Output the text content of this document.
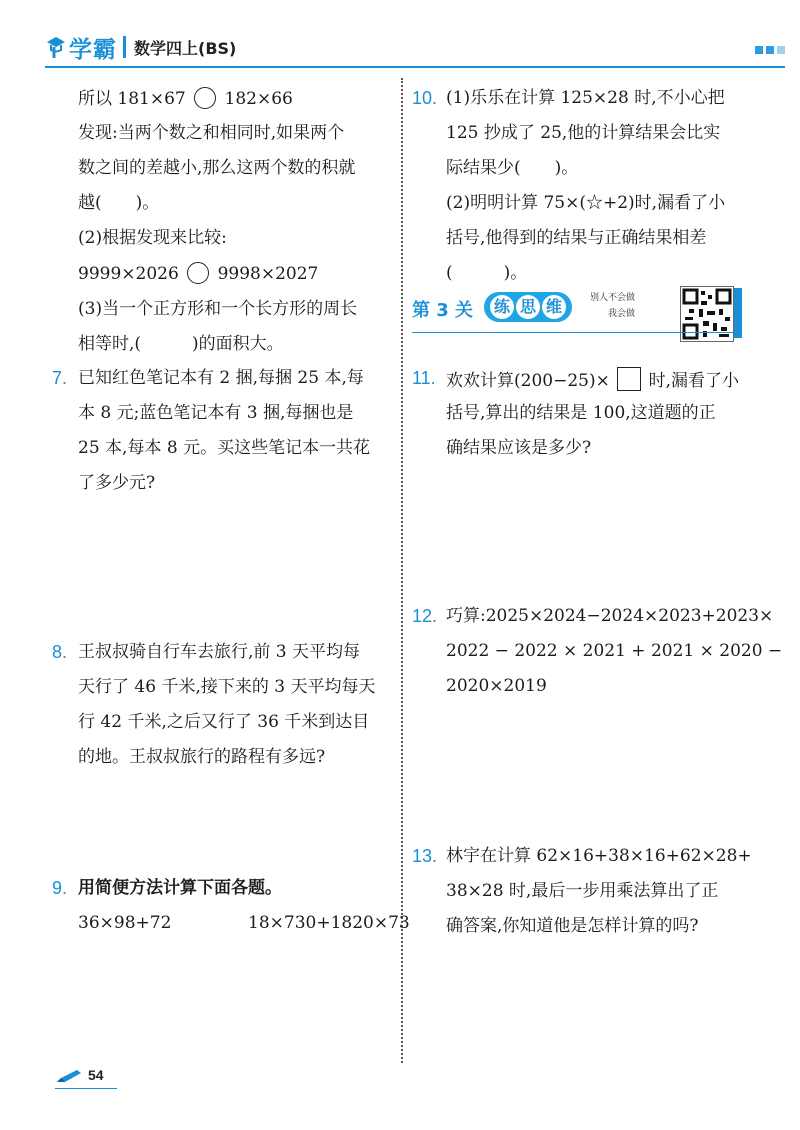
学霸 数学四上(BS)
所以 181×67 182×66
发现:当两个数之和相同时,如果两个
数之间的差越小,那么这两个数的积就
越(　　)。
(2)根据发现来比较:
9999×2026 9998×2027
(3)当一个正方形和一个长方形的周长
相等时,(　　　)的面积大。
7. 已知红色笔记本有 2 捆,每捆 25 本,每
本 8 元;蓝色笔记本有 3 捆,每捆也是
25 本,每本 8 元。买这些笔记本一共花
了多少元?
8. 王叔叔骑自行车去旅行,前 3 天平均每
天行了 46 千米,接下来的 3 天平均每天
行 42 千米,之后又行了 36 千米到达目
的地。王叔叔旅行的路程有多远?
9. 用简便方法计算下面各题。
36×98+72	18×730+1820×73
10. (1)乐乐在计算 125×28 时,不小心把
125 抄成了 25,他的计算结果会比实
际结果少(　　)。
(2)明明计算 75×(☆+2)时,漏看了小
括号,他得到的结果与正确结果相差
(　　　)。
第 3 关 练 思 维	别人不会做
我会做
11. 欢欢计算(200−25)× 时,漏看了小
括号,算出的结果是 100,这道题的正
确结果应该是多少?
12. 巧算:2025×2024−2024×2023+2023×
2022 − 2022 × 2021 + 2021 × 2020 −
2020×2019
13. 林宇在计算 62×16+38×16+62×28+
38×28 时,最后一步用乘法算出了正
确答案,你知道他是怎样计算的吗?
54
